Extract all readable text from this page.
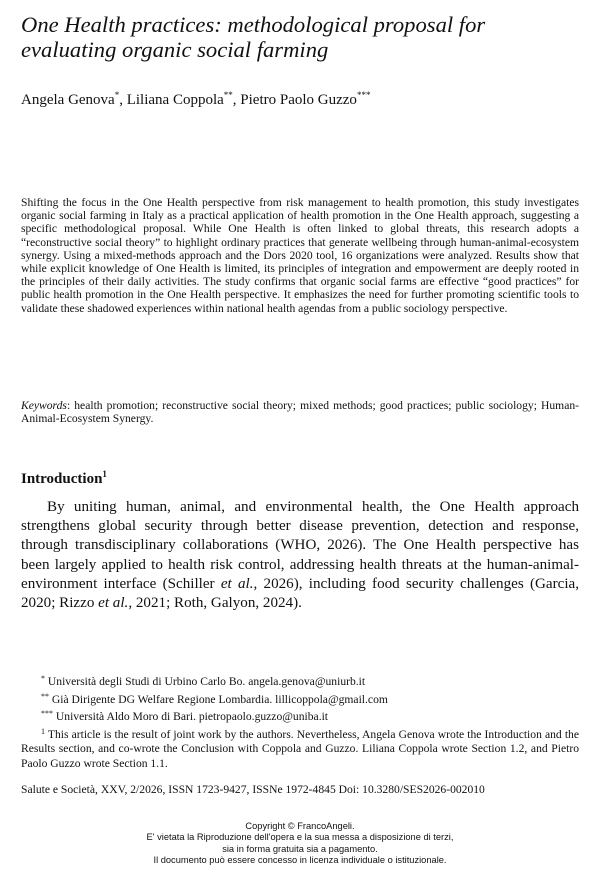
One Health practices: methodological proposal for
evaluating organic social farming
Angela Genova*, Liliana Coppola**, Pietro Paolo Guzzo***

Shifting the focus in the One Health perspective from risk management to health promotion, this study investigates organic social farming in Italy as a practical application of health promotion in the One Health approach, suggesting a specific methodological proposal. While One Health is often linked to global threats, this research adopts a “reconstructive social theory” to highlight ordinary practices that generate wellbeing through human-animal-ecosystem synergy. Using a mixed-methods approach and the Dors 2020 tool, 16 organizations were analyzed. Results show that while explicit knowledge of One Health is limited, its principles of integration and empowerment are deeply rooted in the principles of their daily activities. The study confirms that organic social farms are effective “good practices” for public health promotion in the One Health perspective. It emphasizes the need for further promoting scientific tools to validate these shadowed experiences within national health agendas from a public sociology perspective.

Keywords: health promotion; reconstructive social theory; mixed methods; good practices; public sociology; Human-Animal-Ecosystem Synergy.

Introduction$^1$

By uniting human, animal, and environmental health, the One Health approach strengthens global security through better disease prevention, detection and response, through transdisciplinary collaborations (WHO, 2026). The One Health perspective has been largely applied to health risk control, addressing health threats at the human-animal-environment interface (Schiller et al., 2026), including food security challenges (Garcia, 2020; Rizzo et al., 2021; Roth, Galyon, 2024).

* Università degli Studi di Urbino Carlo Bo. angela.genova@uniurb.it
** Già Dirigente DG Welfare Regione Lombardia. lillicoppola@gmail.com
*** Università Aldo Moro di Bari. pietropaolo.guzzo@uniba.it
$^1$ This article is the result of joint work by the authors. Nevertheless, Angela Genova wrote the Introduction and the Results section, and co-wrote the Conclusion with Coppola and Guzzo. Liliana Coppola wrote Section 1.2, and Pietro Paolo Guzzo wrote Section 1.1.
Salute e Società, XXV, 2/2026, ISSN 1723-9427, ISSNe 1972-4845 Doi: 10.3280/SES2026-002010
Copyright © FrancoAngeli.
E' vietata la Riproduzione dell'opera e la sua messa a disposizione di terzi,
sia in forma gratuita sia a pagamento.
Il documento può essere concesso in licenza individuale o istituzionale.
